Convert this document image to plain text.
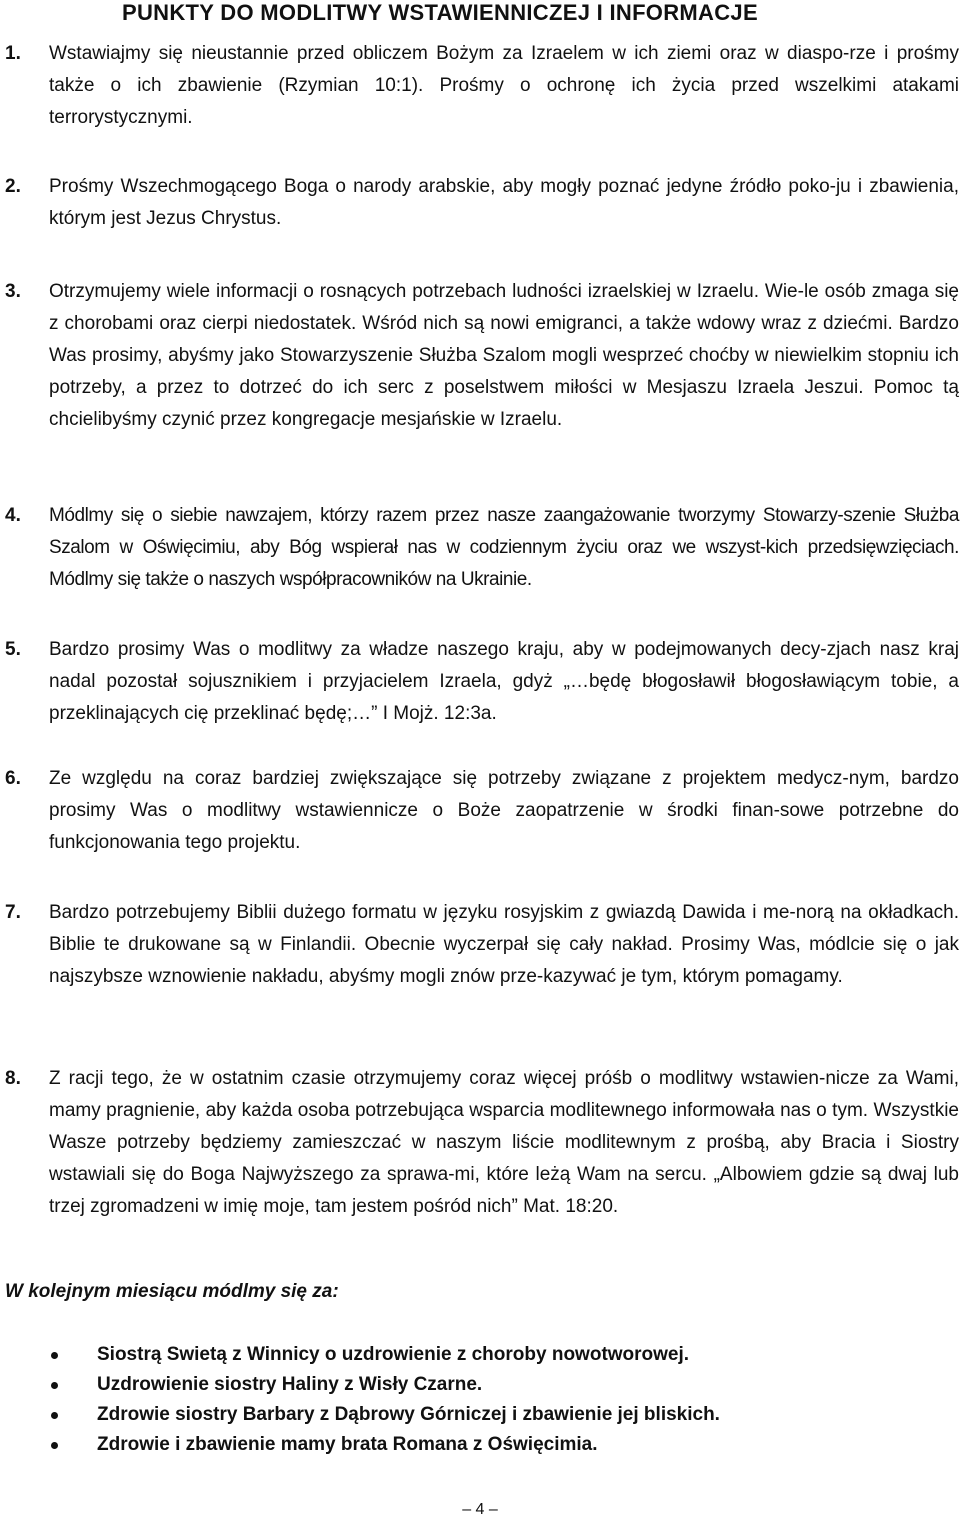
PUNKTY DO MODLITWY WSTAWIENNICZEJ I INFORMACJE
1. Wstawiajmy się nieustannie przed obliczem Bożym za Izraelem w ich ziemi oraz w diaspo-rze i prośmy także o ich zbawienie (Rzymian 10:1). Prośmy o ochronę ich życia przed wszelkimi atakami terrorystycznymi.
2. Prośmy Wszechmogącego Boga o narody arabskie, aby mogły poznać jedyne źródło poko-ju i zbawienia, którym jest Jezus Chrystus.
3. Otrzymujemy wiele informacji o rosnących potrzebach ludności izraelskiej w Izraelu. Wie-le osób zmaga się z chorobami oraz cierpi niedostatek. Wśród nich są nowi emigranci, a także wdowy wraz z dziećmi. Bardzo Was prosimy, abyśmy jako Stowarzyszenie Służba Szalom mogli wesprzeć choćby w niewielkim stopniu ich potrzeby, a przez to dotrzeć do ich serc z poselstwem miłości w Mesjaszu Izraela Jeszui. Pomoc tą chcielibyśmy czynić przez kongregacje mesjańskie w Izraelu.
4. Módlmy się o siebie nawzajem, którzy razem przez nasze zaangażowanie tworzymy Stowarzy-szenie Służba Szalom w Oświęcimiu, aby Bóg wspierał nas w codziennym życiu oraz we wszyst-kich przedsięwzięciach. Módlmy się także o naszych współpracowników na Ukrainie.
5. Bardzo prosimy Was o modlitwy za władze naszego kraju, aby w podejmowanych decy-zjach nasz kraj nadal pozostał sojusznikiem i przyjacielem Izraela, gdyż „…będę błogosławił błogosławiącym tobie, a przeklinających cię przeklinać będę;…” I Mojż. 12:3a.
6. Ze względu na coraz bardziej zwiększające się potrzeby związane z projektem medycz-nym, bardzo prosimy Was o modlitwy wstawiennicze o Boże zaopatrzenie w środki finan-sowe potrzebne do funkcjonowania tego projektu.
7. Bardzo potrzebujemy Biblii dużego formatu w języku rosyjskim z gwiazdą Dawida i me-norą na okładkach. Biblie te drukowane są w Finlandii. Obecnie wyczerpał się cały nakład. Prosimy Was, módlcie się o jak najszybsze wznowienie nakładu, abyśmy mogli znów prze-kazywać je tym, którym pomagamy.
8. Z racji tego, że w ostatnim czasie otrzymujemy coraz więcej próśb o modlitwy wstawien-nicze za Wami, mamy pragnienie, aby każda osoba potrzebująca wsparcia modlitewnego informowała nas o tym. Wszystkie Wasze potrzeby będziemy zamieszczać w naszym liście modlitewnym z prośbą, aby Bracia i Siostry wstawiali się do Boga Najwyższego za sprawa-mi, które leżą Wam na sercu. „Albowiem gdzie są dwaj lub trzej zgromadzeni w imię moje, tam jestem pośród nich” Mat. 18:20.
W kolejnym miesiącu módlmy się za:
Siostrą Swietą z Winnicy o uzdrowienie z choroby nowotworowej.
Uzdrowienie siostry Haliny z Wisły Czarne.
Zdrowie siostry Barbary z Dąbrowy Górniczej i zbawienie jej bliskich.
Zdrowie i zbawienie mamy brata Romana z Oświęcimia.
– 4 –
